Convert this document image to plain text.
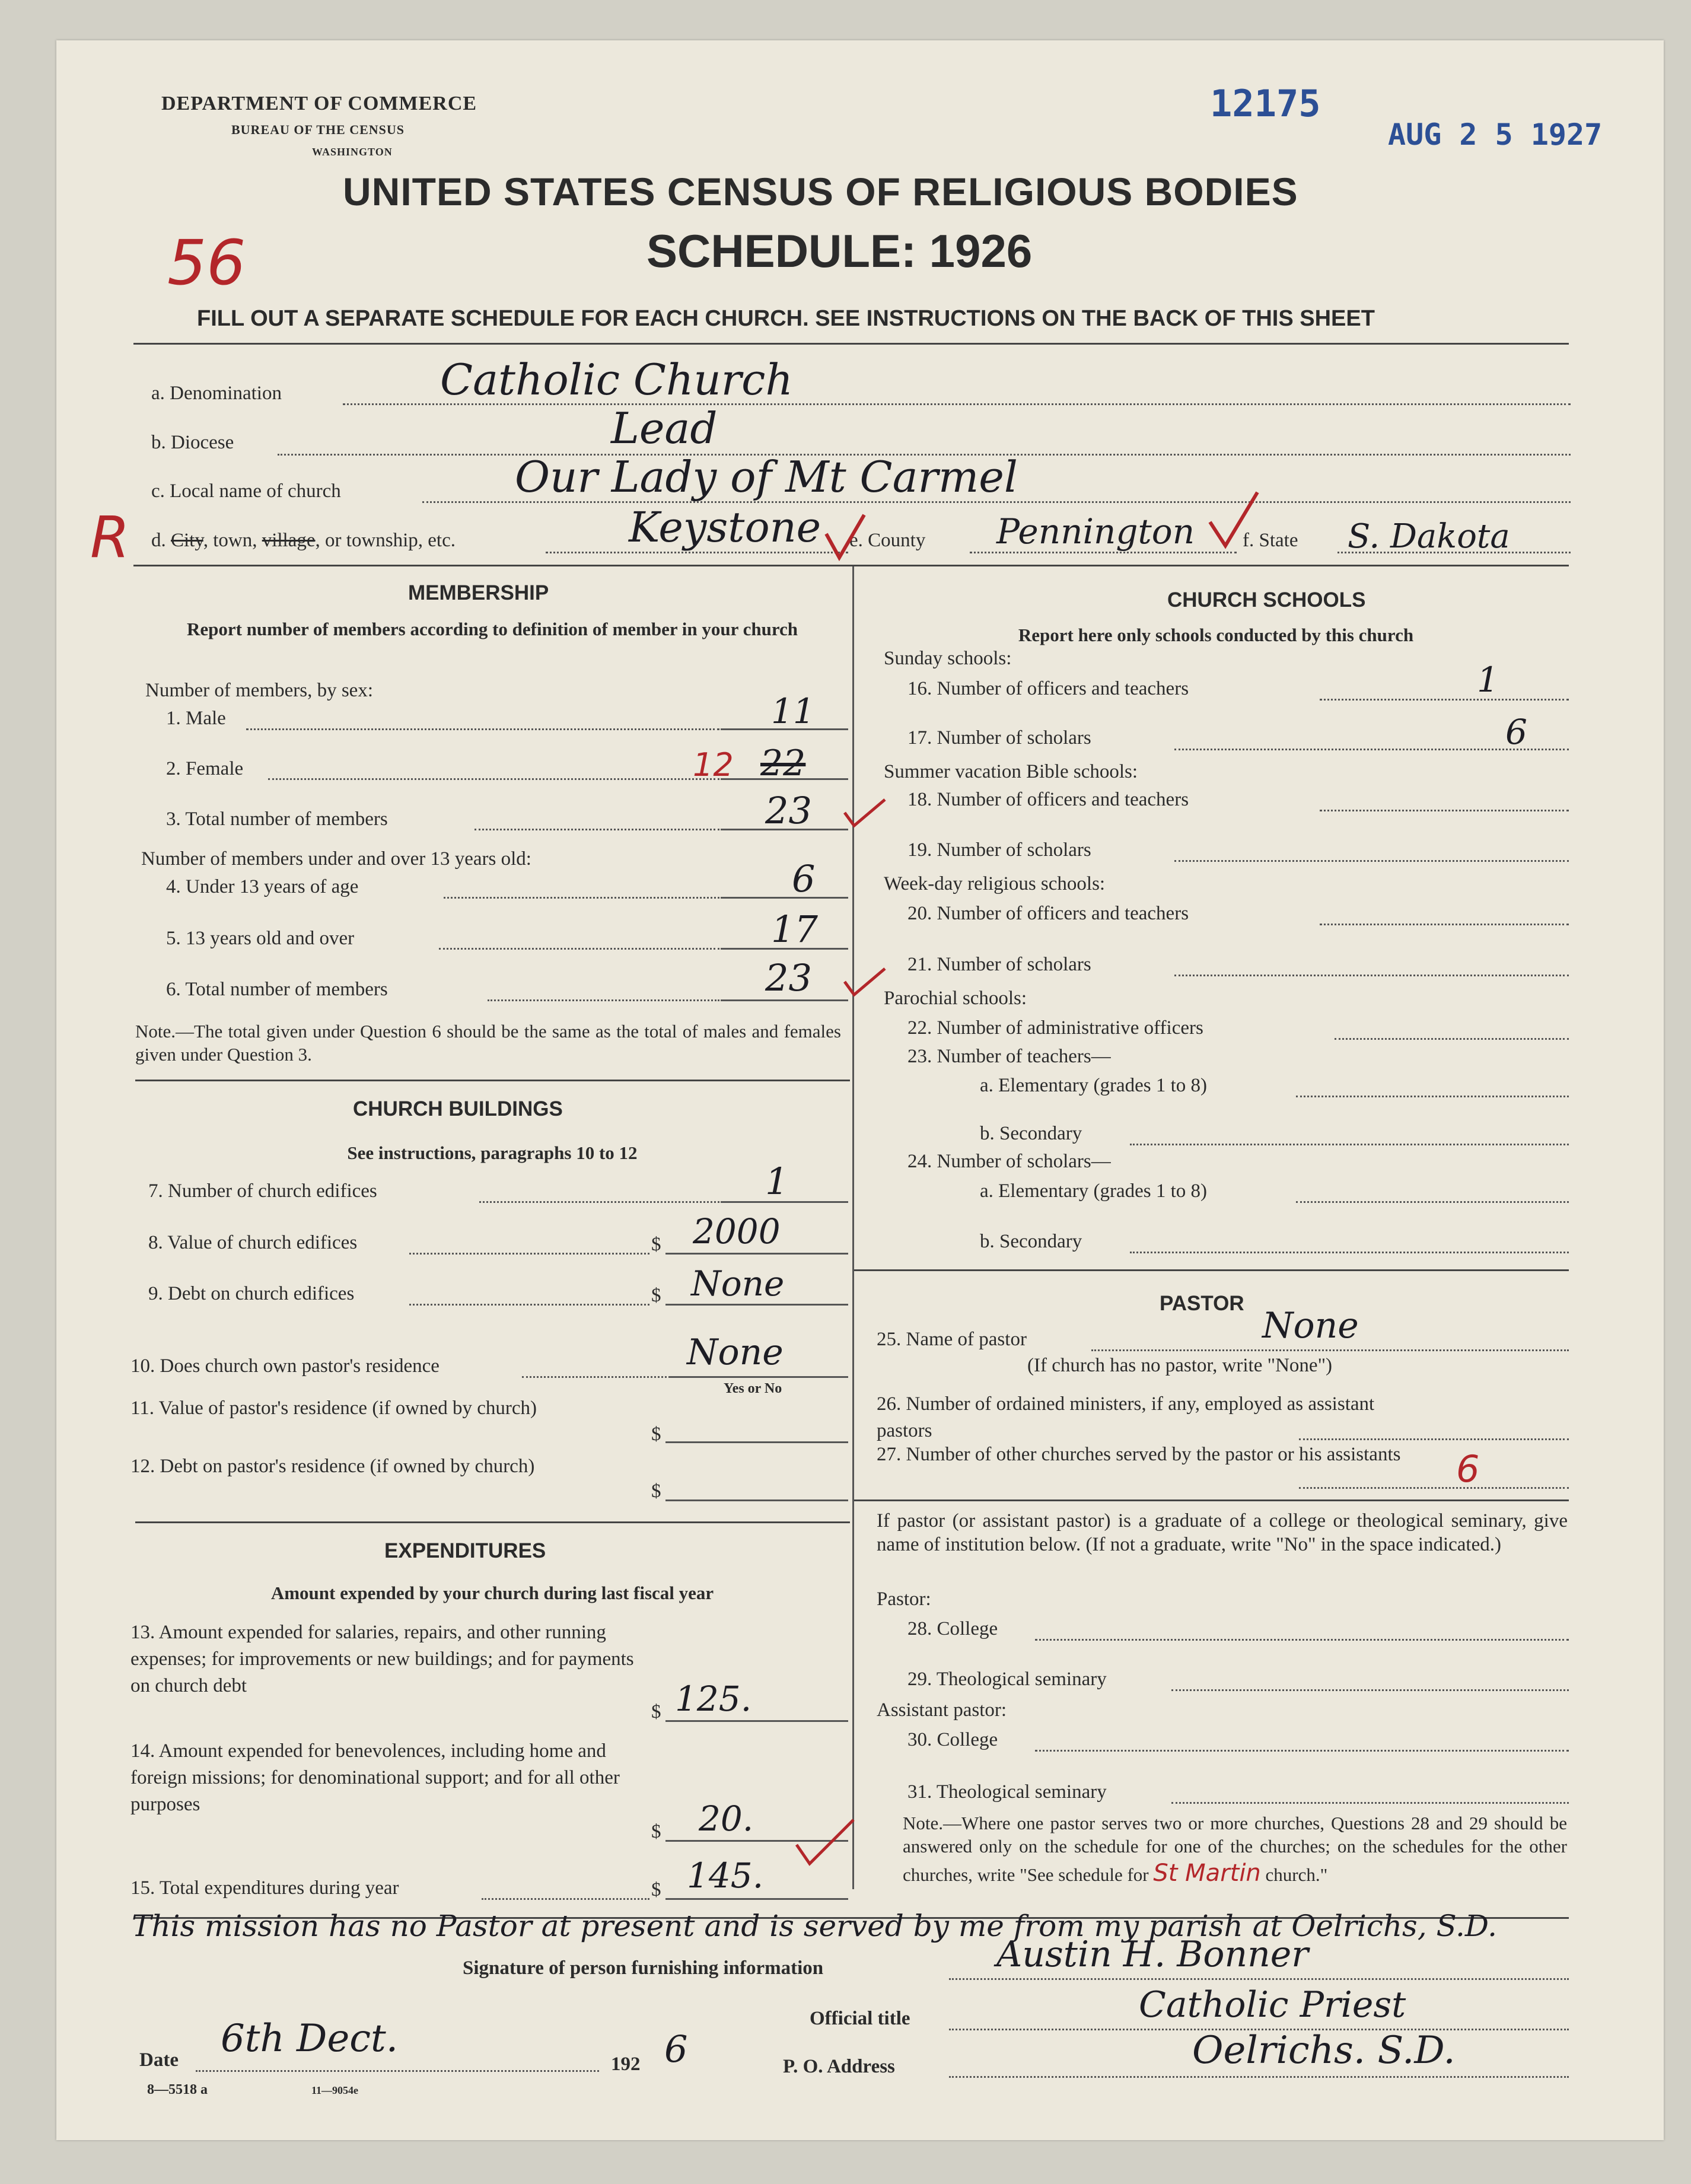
DEPARTMENT OF COMMERCE
BUREAU OF THE CENSUS
WASHINGTON
UNITED STATES CENSUS OF RELIGIOUS BODIES
SCHEDULE: 1926
FILL OUT A SEPARATE SCHEDULE FOR EACH CHURCH. SEE INSTRUCTIONS ON THE BACK OF THIS SHEET
12175
AUG 2 5 1927
56
R
a. Denomination	Catholic Church
b. Diocese	Lead
c. Local name of church	Our Lady of Mt Carmel
d. City, town, village, or township, etc.	Keystone e. County Pennington f. State S. Dakota
MEMBERSHIP
Report number of members according to definition of member in your church
Number of members, by sex:
1. Male	11
2. Female	12 22
3. Total number of members	23
Number of members under and over 13 years old:
4. Under 13 years of age	6
5. 13 years old and over	17
6. Total number of members	23
Note.—The total given under Question 6 should be the same as the total of males and females given under Question 3.
CHURCH BUILDINGS
See instructions, paragraphs 10 to 12
7. Number of church edifices	1
8. Value of church edifices	$ 2000
9. Debt on church edifices	$ None
10. Does church own pastor's residence	None
Yes or No
11. Value of pastor's residence (if owned by church)
$
12. Debt on pastor's residence (if owned by church)
$
EXPENDITURES
Amount expended by your church during last fiscal year
13. Amount expended for salaries, repairs, and other running expenses; for improvements or new buildings; and for payments on church debt
$ 125.
14. Amount expended for benevolences, including home and foreign missions; for denominational support; and for all other purposes
$ 20.
15. Total expenditures during year	$ 145.
CHURCH SCHOOLS
Report here only schools conducted by this church
Sunday schools:
16. Number of officers and teachers	1
17. Number of scholars	6
Summer vacation Bible schools:
18. Number of officers and teachers
19. Number of scholars
Week-day religious schools:
20. Number of officers and teachers
21. Number of scholars
Parochial schools:
22. Number of administrative officers
23. Number of teachers—
a. Elementary (grades 1 to 8)
b. Secondary
24. Number of scholars—
a. Elementary (grades 1 to 8)
b. Secondary
PASTOR
25. Name of pastor	None
(If church has no pastor, write "None")
26. Number of ordained ministers, if any, employed as assistant pastors
27. Number of other churches served by the pastor or his assistants 6
If pastor (or assistant pastor) is a graduate of a college or theological seminary, give name of institution below. (If not a graduate, write "No" in the space indicated.)
Pastor:
28. College
29. Theological seminary
Assistant pastor:
30. College
31. Theological seminary
Note.—Where one pastor serves two or more churches, Questions 28 and 29 should be answered only on the schedule for one of the churches; on the schedules for the other churches, write "See schedule for St Martin church."
This mission has no Pastor at present and is served by me from my parish at Oelrichs, S.D.
Signature of person furnishing information	Austin H. Bonner
Official title	Catholic Priest
Date 6th Dect.
192 6	P. O. Address	Oelrichs. S.D.
8—5518 a	11—9054e
